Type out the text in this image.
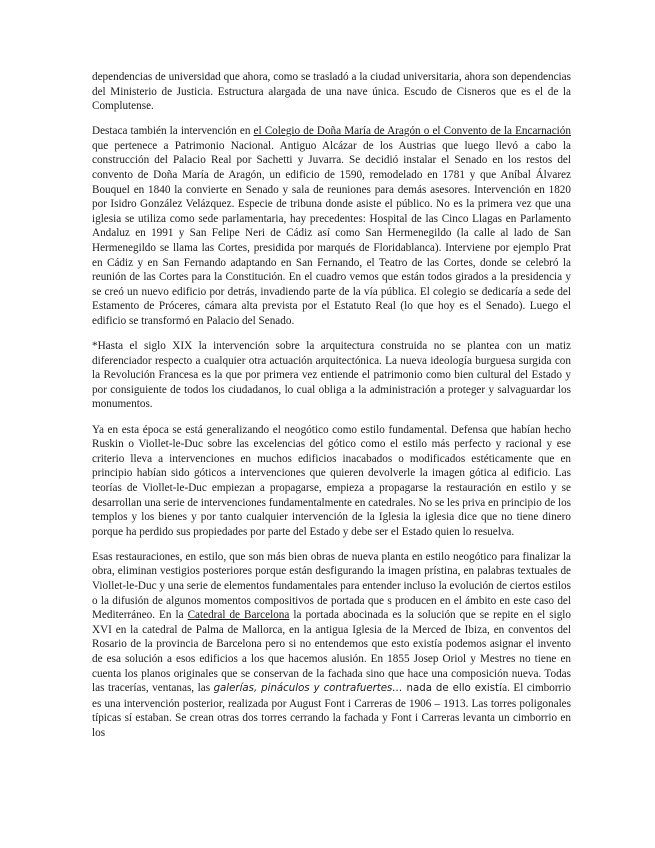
dependencias de universidad que ahora, como se trasladó a la ciudad universitaria, ahora son dependencias del Ministerio de Justicia. Estructura alargada de una nave única. Escudo de Cisneros que es el de la Complutense.

Destaca también la intervención en el Colegio de Doña María de Aragón o el Convento de la Encarnación que pertenece a Patrimonio Nacional. Antiguo Alcázar de los Austrias que luego llevó a cabo la construcción del Palacio Real por Sachetti y Juvarra. Se decidió instalar el Senado en los restos del convento de Doña María de Aragón, un edificio de 1590, remodelado en 1781 y que Aníbal Álvarez Bouquel en 1840 la convierte en Senado y sala de reuniones para demás asesores. Intervención en 1820 por Isidro González Velázquez. Especie de tribuna donde asiste el público. No es la primera vez que una iglesia se utiliza como sede parlamentaria, hay precedentes: Hospital de las Cinco Llagas en Parlamento Andaluz en 1991 y San Felipe Neri de Cádiz así como San Hermenegildo (la calle al lado de San Hermenegildo se llama las Cortes, presidida por marqués de Floridablanca). Interviene por ejemplo Prat en Cádiz y en San Fernando adaptando en San Fernando, el Teatro de las Cortes, donde se celebró la reunión de las Cortes para la Constitución. En el cuadro vemos que están todos girados a la presidencia y se creó un nuevo edificio por detrás, invadiendo parte de la vía pública. El colegio se dedicaría a sede del Estamento de Próceres, cámara alta prevista por el Estatuto Real (lo que hoy es el Senado). Luego el edificio se transformó en Palacio del Senado.

*Hasta el siglo XIX la intervención sobre la arquitectura construida no se plantea con un matiz diferenciador respecto a cualquier otra actuación arquitectónica. La nueva ideología burguesa surgida con la Revolución Francesa es la que por primera vez entiende el patrimonio como bien cultural del Estado y por consiguiente de todos los ciudadanos, lo cual obliga a la administración a proteger y salvaguardar los monumentos.

Ya en esta época se está generalizando el neogótico como estilo fundamental. Defensa que habían hecho Ruskin o Viollet-le-Duc sobre las excelencias del gótico como el estilo más perfecto y racional y ese criterio lleva a intervenciones en muchos edificios inacabados o modificados estéticamente que en principio habían sido góticos a intervenciones que quieren devolverle la imagen gótica al edificio. Las teorías de Viollet-le-Duc empiezan a propagarse, empieza a propagarse la restauración en estilo y se desarrollan una serie de intervenciones fundamentalmente en catedrales. No se les priva en principio de los templos y los bienes y por tanto cualquier intervención de la Iglesia la iglesia dice que no tiene dinero porque ha perdido sus propiedades por parte del Estado y debe ser el Estado quien lo resuelva.

Esas restauraciones, en estilo, que son más bien obras de nueva planta en estilo neogótico para finalizar la obra, eliminan vestigios posteriores porque están desfigurando la imagen prístina, en palabras textuales de Viollet-le-Duc y una serie de elementos fundamentales para entender incluso la evolución de ciertos estilos o la difusión de algunos momentos compositivos de portada que s producen en el ámbito en este caso del Mediterráneo. En la Catedral de Barcelona la portada abocinada es la solución que se repite en el siglo XVI en la catedral de Palma de Mallorca, en la antigua Iglesia de la Merced de Ibiza, en conventos del Rosario de la provincia de Barcelona pero si no entendemos que esto existía podemos asignar el invento de esa solución a esos edificios a los que hacemos alusión. En 1855 Josep Oriol y Mestres no tiene en cuenta los planos originales que se conservan de la fachada sino que hace una composición nueva. Todas las tracerías, ventanas, las galerías, pináculos y contrafuertes… nada de ello existía. El cimborrio es una intervención posterior, realizada por August Font i Carreras de 1906 – 1913. Las torres poligonales típicas sí estaban. Se crean otras dos torres cerrando la fachada y Font i Carreras levanta un cimborrio en los
